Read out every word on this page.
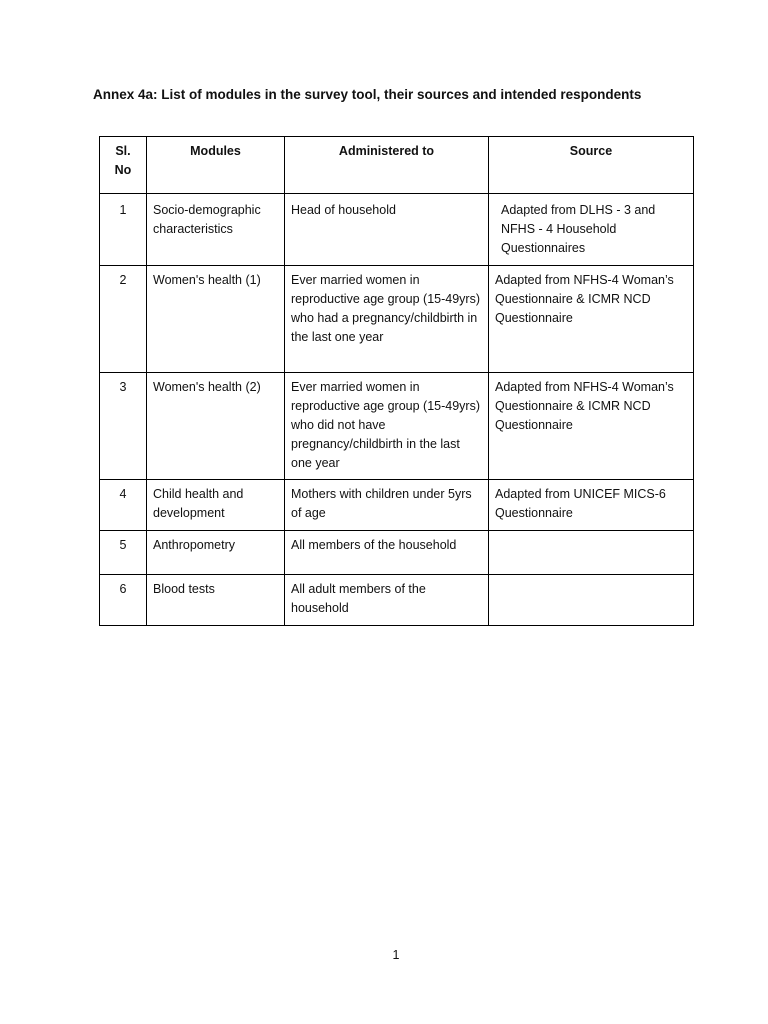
Annex 4a: List of modules in the survey tool, their sources and intended respondents
Sl. No	Modules	Administered to	Source
1	Socio-demographic characteristics	Head of household	Adapted from DLHS - 3 and NFHS - 4 Household Questionnaires
2	Women's health (1)	Ever married women in reproductive age group (15-49yrs) who had a pregnancy/childbirth in the last one year	Adapted from NFHS-4 Woman’s Questionnaire & ICMR NCD Questionnaire
3	Women's health (2)	Ever married women in reproductive age group (15-49yrs) who did not have pregnancy/childbirth in the last one year	Adapted from NFHS-4 Woman’s Questionnaire & ICMR NCD Questionnaire
4	Child health and development	Mothers with children under 5yrs of age	Adapted from UNICEF MICS-6 Questionnaire
5	Anthropometry	All members of the household	
6	Blood tests	All adult members of the household	
1
